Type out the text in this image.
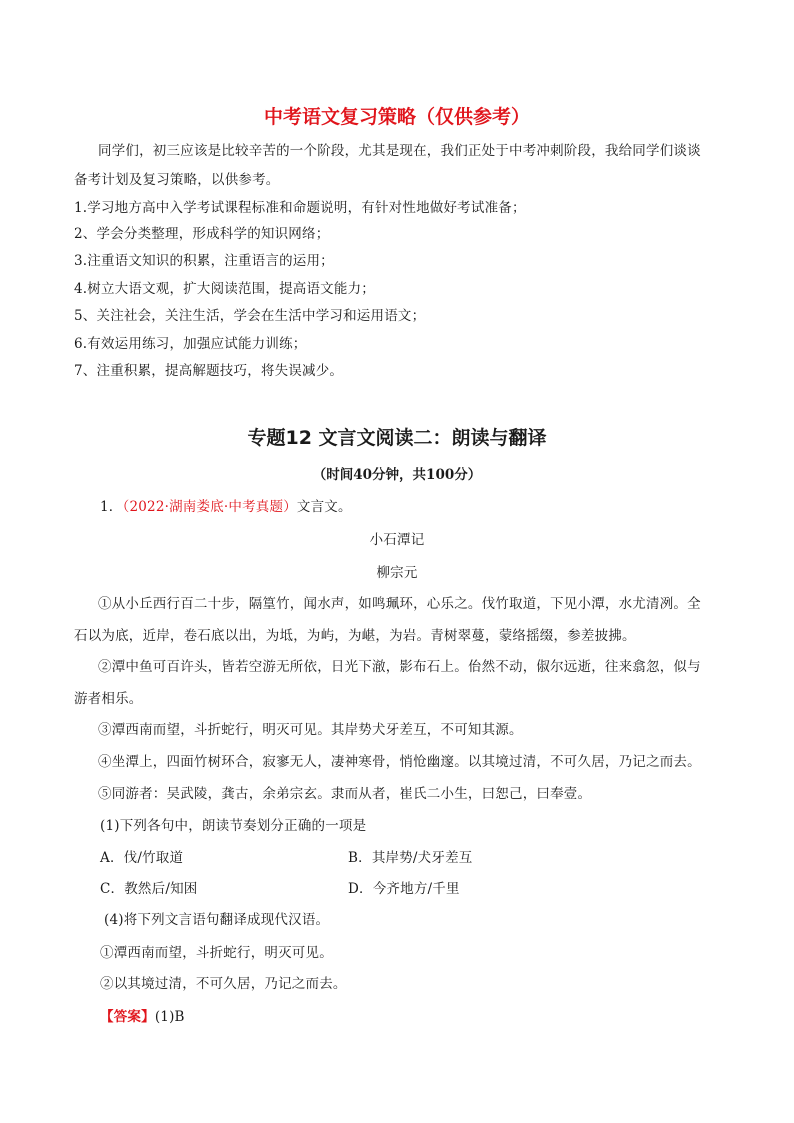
中考语文复习策略（仅供参考）
同学们，初三应该是比较辛苦的一个阶段，尤其是现在，我们正处于中考冲刺阶段，我给同学们谈谈
备考计划及复习策略，以供参考。
1.学习地方高中入学考试课程标准和命题说明，有针对性地做好考试准备；
2、学会分类整理，形成科学的知识网络；
3.注重语文知识的积累，注重语言的运用；
4.树立大语文观，扩大阅读范围，提高语文能力；
5、关注社会，关注生活，学会在生活中学习和运用语文；
6.有效运用练习，加强应试能力训练；
7、注重积累，提高解题技巧，将失误减少。
专题12 文言文阅读二：朗读与翻译
（时间40分钟，共100分）
1．（2022·湖南娄底·中考真题）文言文。
小石潭记
柳宗元
①从小丘西行百二十步，隔篁竹，闻水声，如鸣珮环，心乐之。伐竹取道，下见小潭，水尤清冽。全
石以为底，近岸，卷石底以出，为坻，为屿，为嵁，为岩。青树翠蔓，蒙络摇缀，参差披拂。
②潭中鱼可百许头，皆若空游无所依，日光下澈，影布石上。佁然不动，俶尔远逝，往来翕忽，似与
游者相乐。
③潭西南而望，斗折蛇行，明灭可见。其岸势犬牙差互，不可知其源。
④坐潭上，四面竹树环合，寂寥无人，凄神寒骨，悄怆幽邃。以其境过清，不可久居，乃记之而去。
⑤同游者：吴武陵，龚古，余弟宗玄。隶而从者，崔氏二小生，曰恕己，曰奉壹。
(1)下列各句中，朗读节奏划分正确的一项是
A．伐/竹取道	B．其岸势/犬牙差互
C．教然后/知困	D．今齐地方/千里
(4)将下列文言语句翻译成现代汉语。
①潭西南而望，斗折蛇行，明灭可见。
②以其境过清，不可久居，乃记之而去。
【答案】(1)B
